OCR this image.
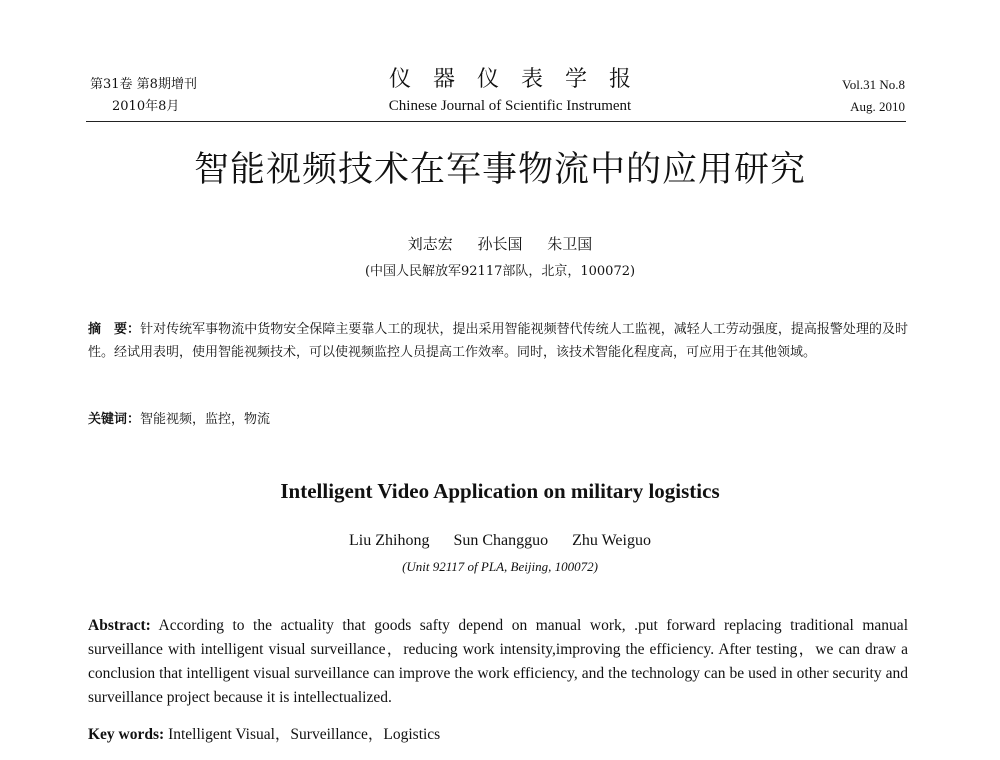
第31卷 第8期增刊
2010年8月
仪器仪表学报
Chinese Journal of Scientific Instrument
Vol.31 No.8
Aug. 2010
智能视频技术在军事物流中的应用研究
刘志宏 孙长国 朱卫国
(中国人民解放军92117部队，北京，100072)
摘　要：针对传统军事物流中货物安全保障主要靠人工的现状，提出采用智能视频替代传统人工监视，减轻人工劳动强度，提高报警处理的及时性。经试用表明，使用智能视频技术，可以使视频监控人员提高工作效率。同时，该技术智能化程度高，可应用于在其他领域。
关键词：智能视频，监控，物流
Intelligent Video Application on military logistics
Liu Zhihong Sun Changguo Zhu Weiguo
(Unit 92117 of PLA, Beijing, 100072)
Abstract: According to the actuality that goods safty depend on manual work, .put forward replacing traditional manual surveillance with intelligent visual surveillance，reducing work intensity,improving the efficiency. After testing，we can draw a conclusion that intelligent visual surveillance can improve the work efficiency, and the technology can be used in other security and surveillance project because it is intellectualized.
Key words: Intelligent Visual，Surveillance，Logistics
